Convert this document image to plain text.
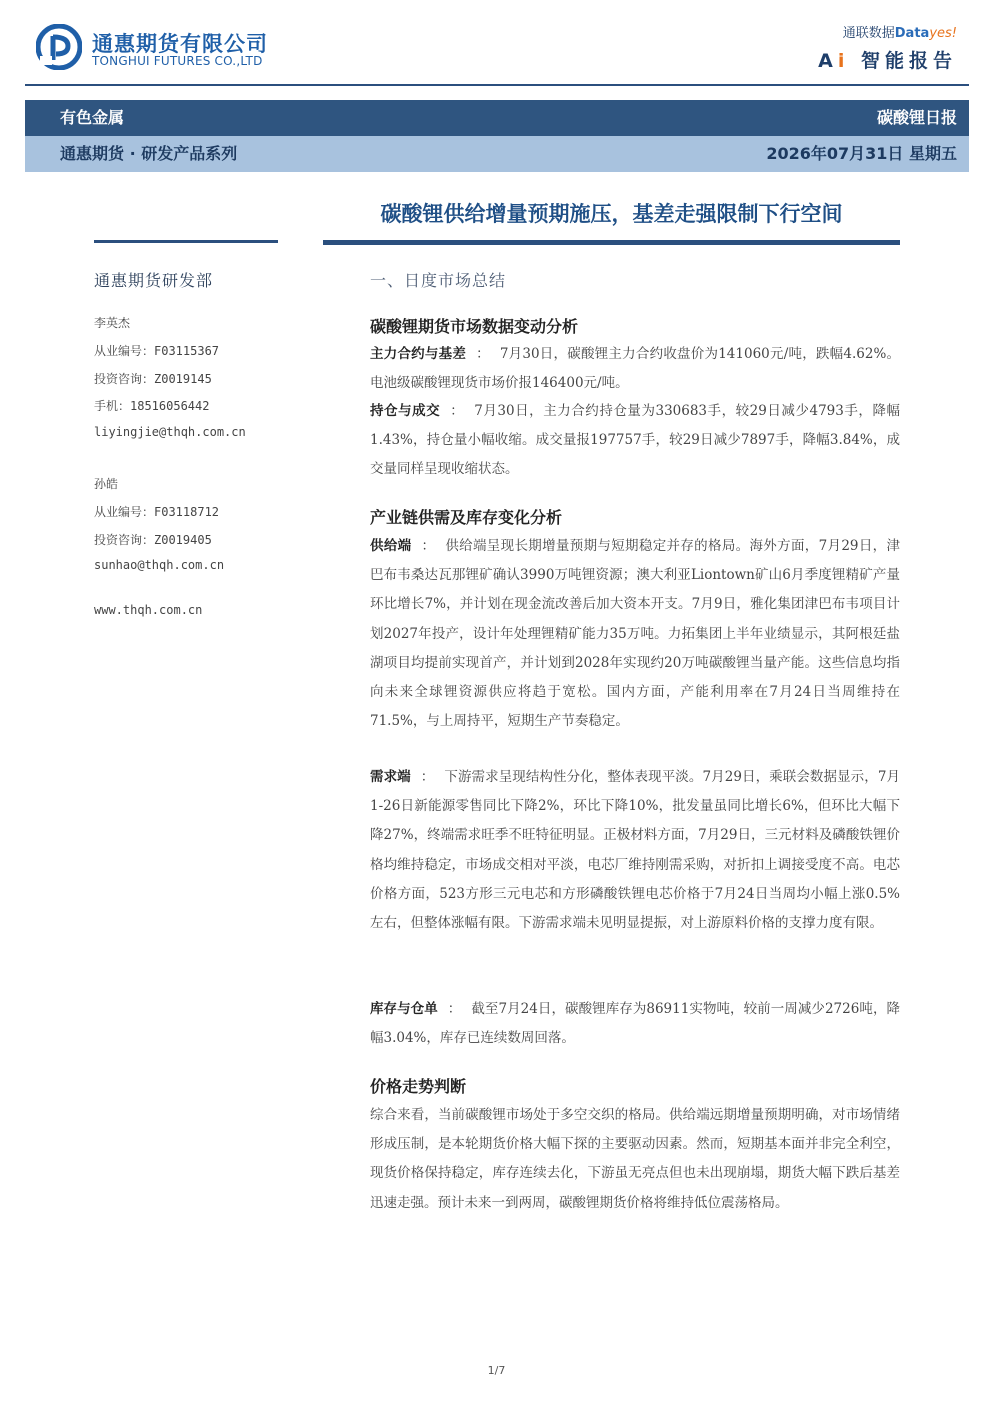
通惠期货有限公司
TONGHUI FUTURES CO.,LTD
通联数据Datayes!
Ai 智能报告
有色金属	碳酸锂日报
通惠期货 · 研发产品系列	2026年07月31日 星期五
碳酸锂供给增量预期施压，基差走强限制下行空间
通惠期货研发部
李英杰
从业编号：F03115367
投资咨询：Z0019145
手机：18516056442
liyingjie@thqh.com.cn
孙皓
从业编号：F03118712
投资咨询：Z0019405
sunhao@thqh.com.cn
www.thqh.com.cn
一、日度市场总结
碳酸锂期货市场数据变动分析
主力合约与基差 ： 7月30日，碳酸锂主力合约收盘价为141060元/吨，跌幅4.62%。电池级碳酸锂现货市场价报146400元/吨。
持仓与成交 ： 7月30日，主力合约持仓量为330683手，较29日减少4793手，降幅1.43%，持仓量小幅收缩。成交量报197757手，较29日减少7897手，降幅3.84%，成交量同样呈现收缩状态。
产业链供需及库存变化分析
供给端 ： 供给端呈现长期增量预期与短期稳定并存的格局。海外方面，7月29日，津巴布韦桑达瓦那锂矿确认3990万吨锂资源；澳大利亚Liontown矿山6月季度锂精矿产量环比增长7%，并计划在现金流改善后加大资本开支。7月9日，雅化集团津巴布韦项目计划2027年投产，设计年处理锂精矿能力35万吨。力拓集团上半年业绩显示，其阿根廷盐湖项目均提前实现首产，并计划到2028年实现约20万吨碳酸锂当量产能。这些信息均指向未来全球锂资源供应将趋于宽松。国内方面，产能利用率在7月24日当周维持在71.5%，与上周持平，短期生产节奏稳定。
需求端 ： 下游需求呈现结构性分化，整体表现平淡。7月29日，乘联会数据显示，7月1-26日新能源零售同比下降2%，环比下降10%，批发量虽同比增长6%，但环比大幅下降27%，终端需求旺季不旺特征明显。正极材料方面，7月29日，三元材料及磷酸铁锂价格均维持稳定，市场成交相对平淡，电芯厂维持刚需采购，对折扣上调接受度不高。电芯价格方面，523方形三元电芯和方形磷酸铁锂电芯价格于7月24日当周均小幅上涨0.5%左右，但整体涨幅有限。下游需求端未见明显提振，对上游原料价格的支撑力度有限。
库存与仓单 ： 截至7月24日，碳酸锂库存为86911实物吨，较前一周减少2726吨，降幅3.04%，库存已连续数周回落。
价格走势判断
综合来看，当前碳酸锂市场处于多空交织的格局。供给端远期增量预期明确，对市场情绪形成压制，是本轮期货价格大幅下探的主要驱动因素。然而，短期基本面并非完全利空，现货价格保持稳定，库存连续去化，下游虽无亮点但也未出现崩塌，期货大幅下跌后基差迅速走强。预计未来一到两周，碳酸锂期货价格将维持低位震荡格局。
1/7
